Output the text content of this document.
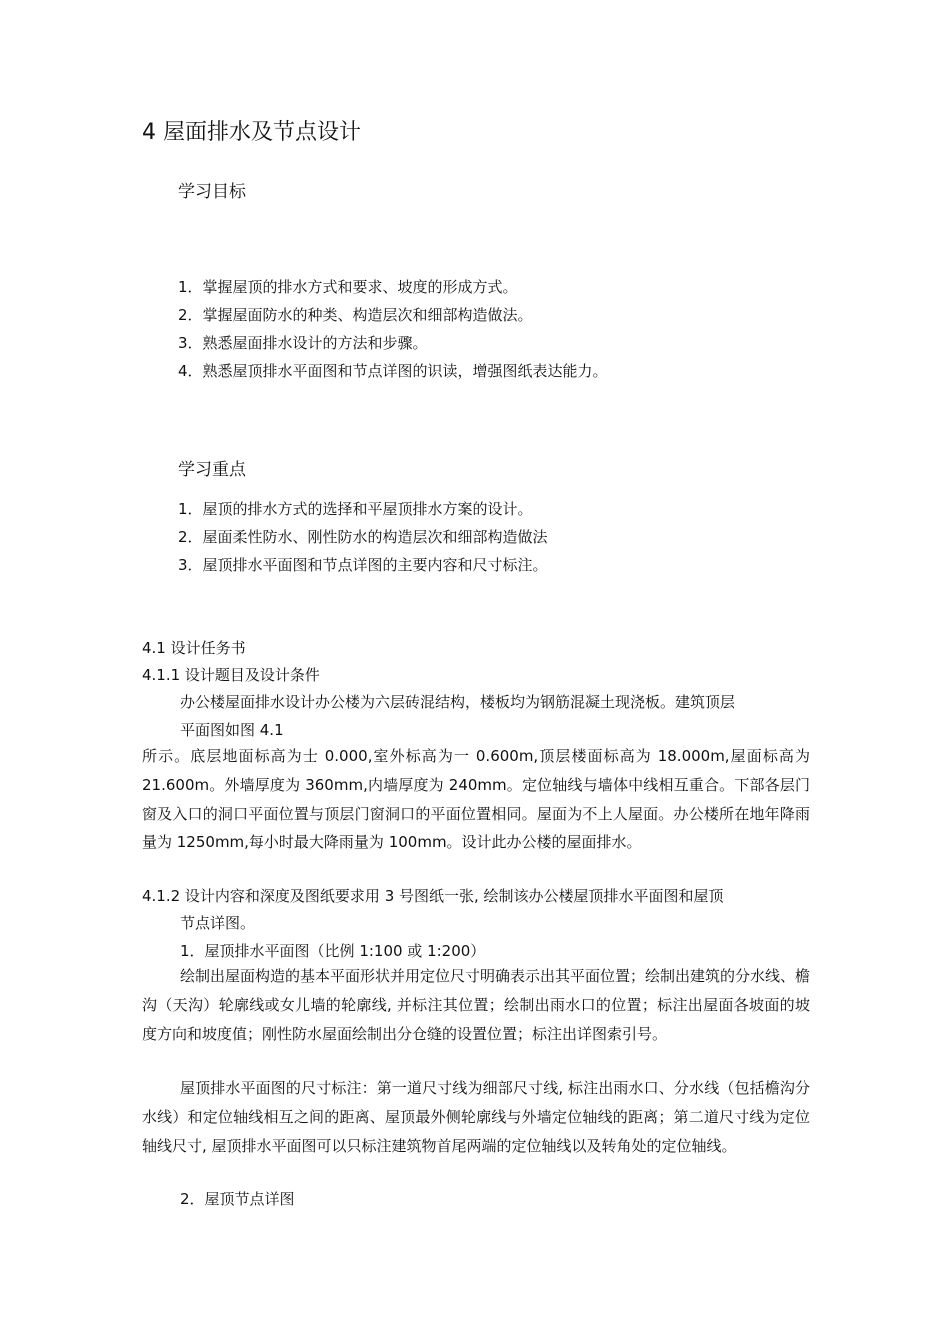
4 屋面排水及节点设计
学习目标
1．掌握屋顶的排水方式和要求、坡度的形成方式。
2．掌握屋面防水的种类、构造层次和细部构造做法。
3．熟悉屋面排水设计的方法和步骤。
4．熟悉屋顶排水平面图和节点详图的识读，增强图纸表达能力。
学习重点
1．屋顶的排水方式的选择和平屋顶排水方案的设计。
2．屋面柔性防水、刚性防水的构造层次和细部构造做法
3．屋顶排水平面图和节点详图的主要内容和尺寸标注。
4.1 设计任务书
4.1.1 设计题目及设计条件
办公楼屋面排水设计办公楼为六层砖混结构，楼板均为钢筋混凝土现浇板。建筑顶层
平面图如图 4.1
所示。底层地面标高为士 0.000,室外标高为一 0.600m,顶层楼面标高为 18.000m,屋面标高为 21.600m。外墙厚度为 360mm,内墙厚度为 240mm。定位轴线与墙体中线相互重合。下部各层门窗及入口的洞口平面位置与顶层门窗洞口的平面位置相同。屋面为不上人屋面。办公楼所在地年降雨量为 1250mm,每小时最大降雨量为 100mm。设计此办公楼的屋面排水。
4.1.2 设计内容和深度及图纸要求用 3 号图纸一张, 绘制该办公楼屋顶排水平面图和屋顶
节点详图。
1．屋顶排水平面图（比例 1:100 或 1:200）
绘制出屋面构造的基本平面形状并用定位尺寸明确表示出其平面位置；绘制出建筑的分水线、檐沟（天沟）轮廓线或女儿墙的轮廓线, 并标注其位置；绘制出雨水口的位置；标注出屋面各坡面的坡度方向和坡度值；刚性防水屋面绘制出分仓缝的设置位置；标注出详图索引号。
屋顶排水平面图的尺寸标注：第一道尺寸线为细部尺寸线, 标注出雨水口、分水线（包括檐沟分水线）和定位轴线相互之间的距离、屋顶最外侧轮廓线与外墙定位轴线的距离；第二道尺寸线为定位轴线尺寸, 屋顶排水平面图可以只标注建筑物首尾两端的定位轴线以及转角处的定位轴线。
2．屋顶节点详图
